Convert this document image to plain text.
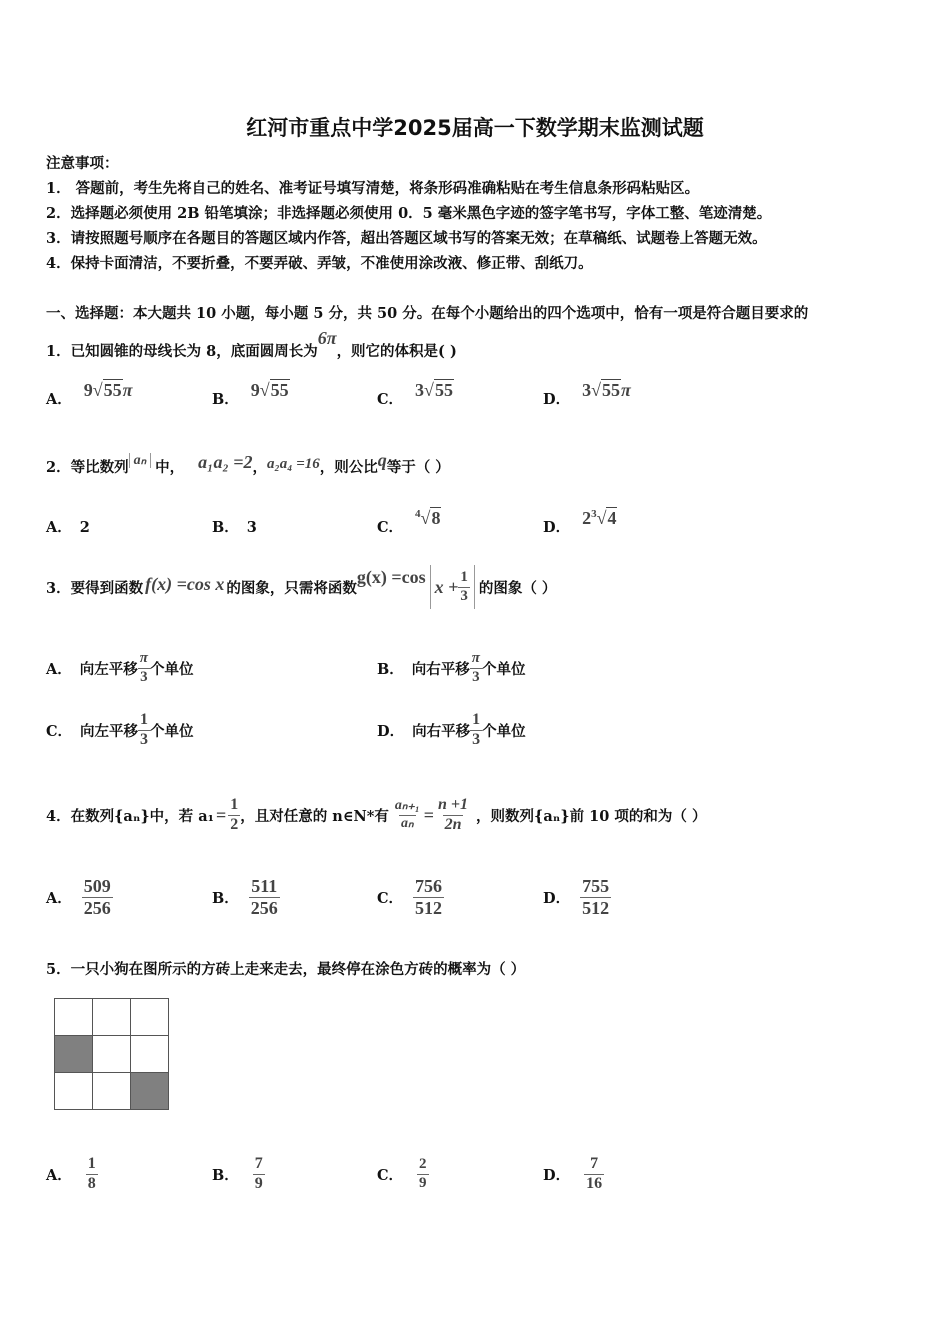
红河市重点中学2025届高一下数学期末监测试题
注意事项：
1． 答题前，考生先将自己的姓名、准考证号填写清楚，将条形码准确粘贴在考生信息条形码粘贴区。
2．选择题必须使用 2B 铅笔填涂；非选择题必须使用 0．5 毫米黑色字迹的签字笔书写，字体工整、笔迹清楚。
3．请按照题号顺序在各题目的答题区域内作答，超出答题区域书写的答案无效；在草稿纸、试题卷上答题无效。
4．保持卡面清洁，不要折叠，不要弄破、弄皱，不准使用涂改液、修正带、刮纸刀。
一、选择题：本大题共 10 小题，每小题 5 分，共 50 分。在每个小题给出的四个选项中，恰有一项是符合题目要求的
1．已知圆锥的母线长为 8，底面圆周长为6π，则它的体积是( )
A． 9√55π	B． 9√55	C． 3√55	D． 3√55π
2．等比数列 aₙ 中， a₁a₂ =2，a₂a₄ =16，则公比q等于（ ）
A． 2	B． 3	C．$^4$√8	D． $2^3√4$
3． 要得到函数 f(x) =cos x 的图象，只需将函数
g(x) =cos $x + \frac{1}{3}$ 的图象（ ）
A． 向左平移 $\frac{\pi}{3}$ 个单位	B． 向右平移 $\frac{\pi}{3}$ 个单位
C． 向左平移 $\frac{1}{3}$ 个单位	D． 向右平移 $\frac{1}{3}$ 个单位
4． 在数列{aₙ}中，若 $a_1 = \frac{1}{2}$ ，且对任意的 n∈N*有 $\frac{\text{aₙ₊₁}}{\text{aₙ}} = \frac{n +1}{2n}$ ，则数列{aₙ}前 10 项的和为（ ）
A． $\frac{509}{256}$	B． $\frac{511}{256}$	C． $\frac{756}{512}$	D． $\frac{755}{512}$
5．一只小狗在图所示的方砖上走来走去，最终停在涂色方砖的概率为（ ）

A． $\frac{1}{8}$	B． $\frac{7}{9}$	C． $\frac{2}{9}$	D． $\frac{7}{16}$
